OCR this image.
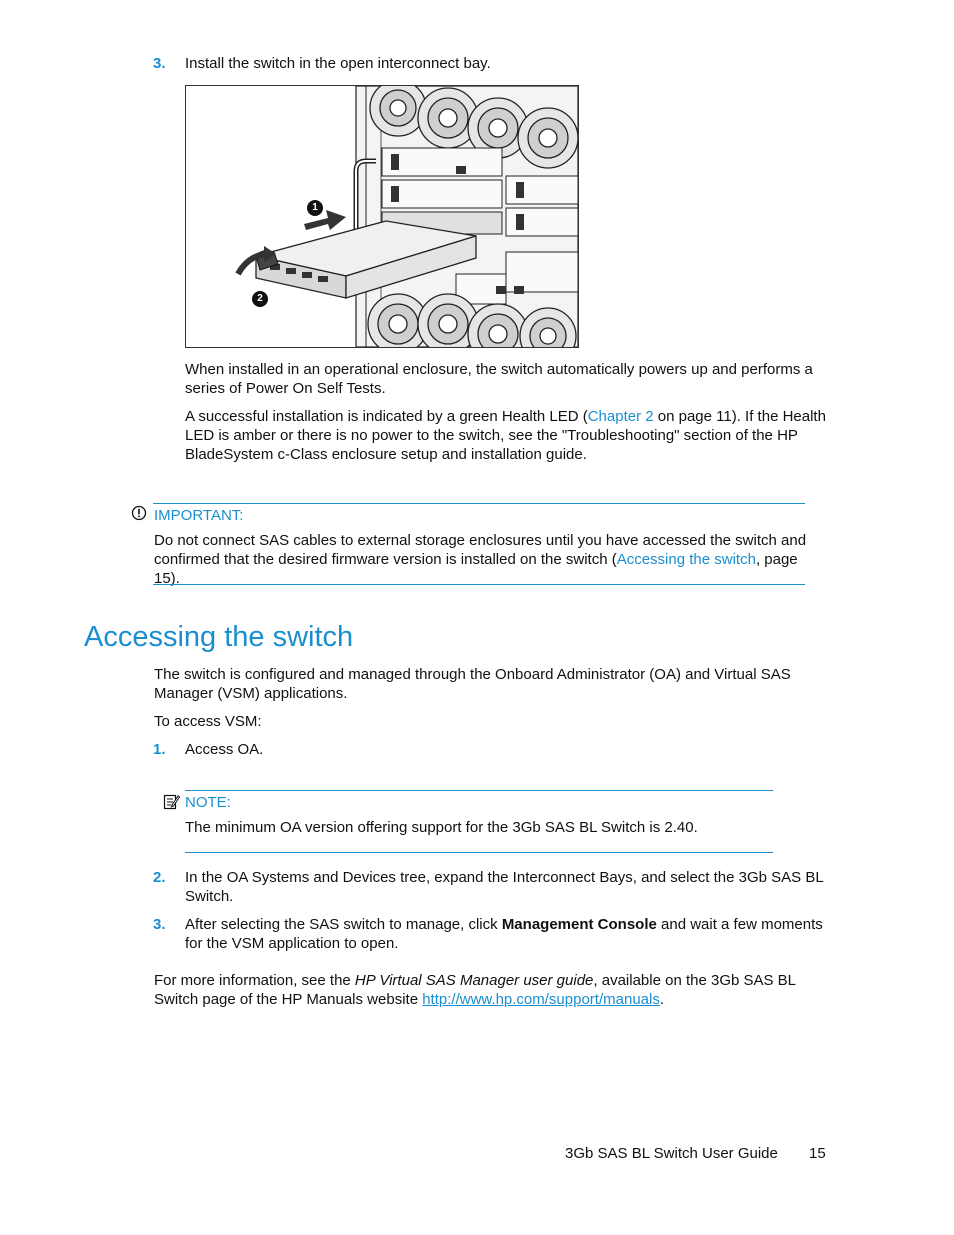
3. Install the switch in the open interconnect bay.
1
2

When installed in an operational enclosure, the switch automatically powers up and performs a series of Power On Self Tests.

A successful installation is indicated by a green Health LED (Chapter 2 on page 11). If the Health LED is amber or there is no power to the switch, see the "Troubleshooting" section of the HP BladeSystem c-Class enclosure setup and installation guide.

IMPORTANT:

Do not connect SAS cables to external storage enclosures until you have accessed the switch and confirmed that the desired firmware version is installed on the switch (Accessing the switch, page 15).

Accessing the switch

The switch is configured and managed through the Onboard Administrator (OA) and Virtual SAS Manager (VSM) applications.

To access VSM:

1. Access OA.
NOTE:

The minimum OA version offering support for the 3Gb SAS BL Switch is 2.40.

2. In the OA Systems and Devices tree, expand the Interconnect Bays, and select the 3Gb SAS BL Switch.
3. After selecting the SAS switch to manage, click Management Console and wait a few moments for the VSM application to open.

For more information, see the HP Virtual SAS Manager user guide, available on the 3Gb SAS BL Switch page of the HP Manuals website http://www.hp.com/support/manuals.

3Gb SAS BL Switch User Guide 15
